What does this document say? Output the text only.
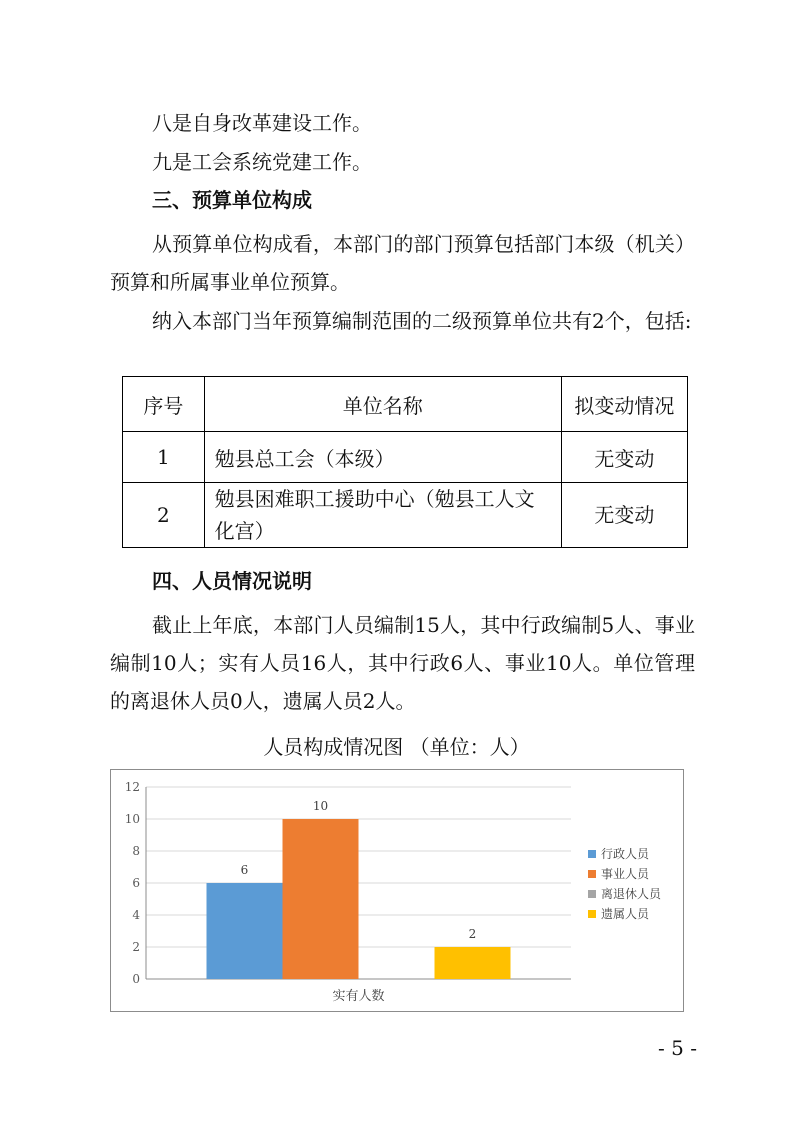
八是自身改革建设工作。
九是工会系统党建工作。
三、预算单位构成
从预算单位构成看，本部门的部门预算包括部门本级（机关）预算和所属事业单位预算。
纳入本部门当年预算编制范围的二级预算单位共有2个，包括:
序号	单位名称	拟变动情况
1	勉县总工会（本级）	无变动
2	勉县困难职工援助中心（勉县工人文化宫）	无变动
四、人员情况说明
截止上年底，本部门人员编制15人，其中行政编制5人、事业编制10人；实有人员16人，其中行政6人、事业10人。单位管理的离退休人员0人，遗属人员2人。
人员构成情况图 （单位：人）
0
2
4
6
8
10
12
6
10
2
实有人数
行政人员
事业人员
离退休人员
遗属人员
- 5 -
